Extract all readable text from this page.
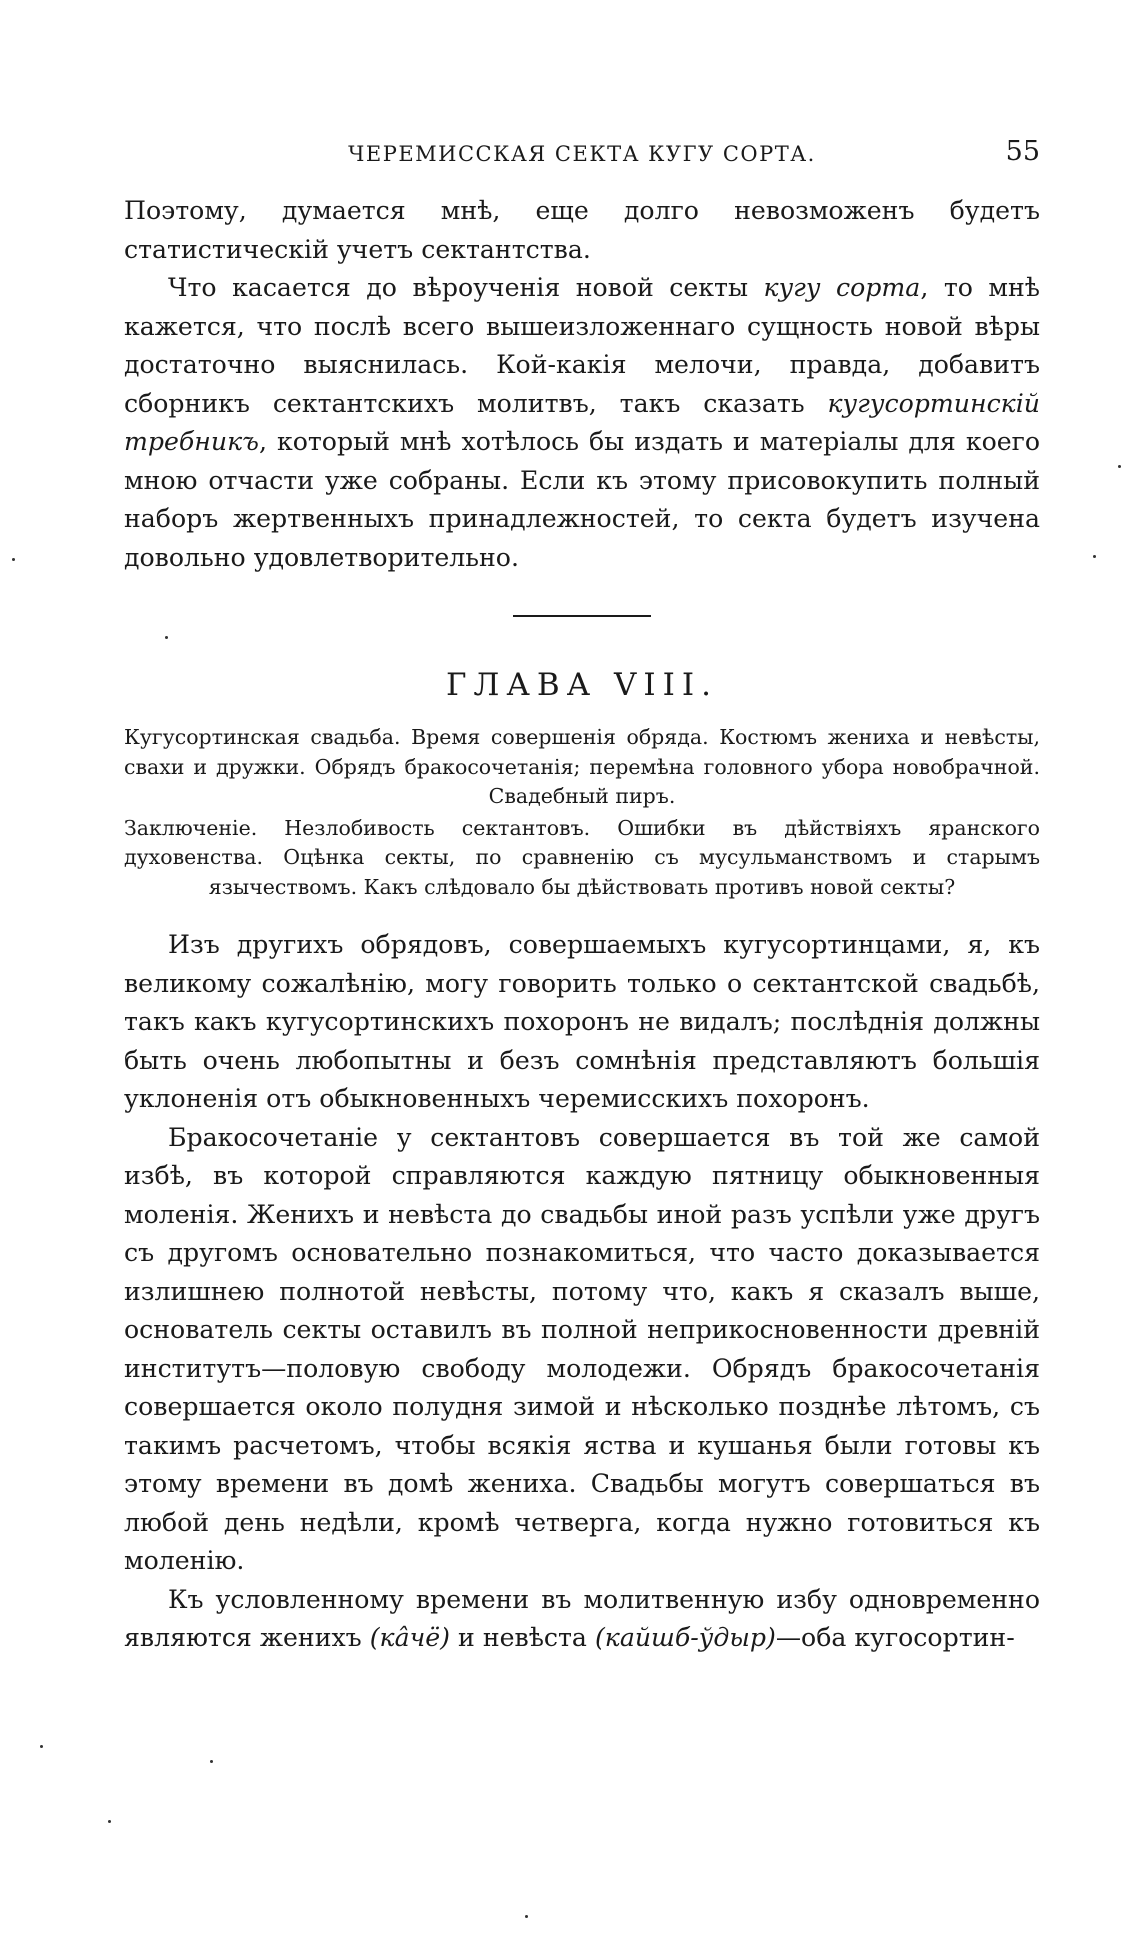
ЧЕРЕМИССКАЯ СЕКТА КУГУ СОРТА.	55

Поэтому, думается мнѣ, еще долго невозможенъ будетъ статистическій учетъ сектантства.

Что касается до вѣроученія новой секты кугу сорта, то мнѣ кажется, что послѣ всего вышеизложеннаго сущность новой вѣры достаточно выяснилась. Кой-какія мелочи, правда, добавитъ сборникъ сектантскихъ молитвъ, такъ сказать кугусортинскій требникъ, который мнѣ хотѣлось бы издать и матеріалы для коего мною отчасти уже собраны. Если къ этому присовокупить полный наборъ жертвенныхъ принадлежностей, то секта будетъ изучена довольно удовлетворительно.

ГЛАВА VIII.

Кугусортинская свадьба. Время совершенія обряда. Костюмъ жениха и невѣсты, свахи и дружки. Обрядъ бракосочетанія; перемѣна головного убора новобрачной. Свадебный пиръ.

Заключеніе. Незлобивость сектантовъ. Ошибки въ дѣйствіяхъ яранского духовенства. Оцѣнка секты, по сравненію съ мусульманствомъ и старымъ язычествомъ. Какъ слѣдовало бы дѣйствовать противъ новой секты?

Изъ другихъ обрядовъ, совершаемыхъ кугусортинцами, я, къ великому сожалѣнію, могу говорить только о сектантской свадьбѣ, такъ какъ кугусортинскихъ похоронъ не видалъ; послѣднія должны быть очень любопытны и безъ сомнѣнія представляютъ большія уклоненія отъ обыкновенныхъ черемисскихъ похоронъ.

Бракосочетаніе у сектантовъ совершается въ той же самой избѣ, въ которой справляются каждую пятницу обыкновенныя моленія. Женихъ и невѣста до свадьбы иной разъ успѣли уже другъ съ другомъ основательно познакомиться, что часто доказывается излишнею полнотой невѣсты, потому что, какъ я сказалъ выше, основатель секты оставилъ въ полной неприкосновенности древній институтъ—половую свободу молодежи. Обрядъ бракосочетанія совершается около полудня зимой и нѣсколько позднѣе лѣтомъ, съ такимъ расчетомъ, чтобы всякія яства и кушанья были готовы къ этому времени въ домѣ жениха. Свадьбы могутъ совершаться въ любой день недѣли, кромѣ четверга, когда нужно готовиться къ моленію.

Къ условленному времени въ молитвенную избу одновременно являются женихъ (кâчё) и невѣста (кайшб-ўдыр)—оба кугосортин-
